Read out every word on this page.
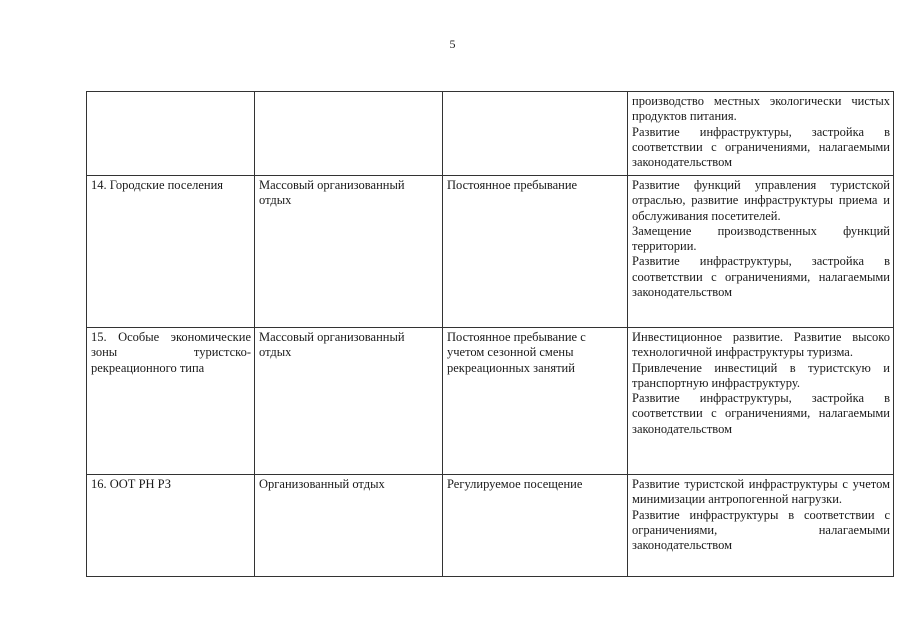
5

			производство местных экологически чистых продуктов питания.
Развитие инфраструктуры, застройка в соответствии с ограничениями, налагаемыми законодательством

14. Городские поселения	Массовый организованный отдых	Постоянное пребывание	Развитие функций управления туристской отраслью, развитие инфраструктуры приема и обслуживания посетителей.
Замещение производственных функций территории.
Развитие инфраструктуры, застройка в соответствии с ограничениями, налагаемыми законодательством

15. Особые экономические зоны туристско-рекреационного типа	Массовый организованный отдых	Постоянное пребывание с учетом сезонной смены рекреационных занятий	Инвестиционное развитие. Развитие высоко технологичной инфраструктуры туризма.
Привлечение инвестиций в туристскую и транспортную инфраструктуру.
Развитие инфраструктуры, застройка в соответствии с ограничениями, налагаемыми законодательством

16. ООТ РН РЗ	Организованный отдых	Регулируемое посещение	Развитие туристской инфраструктуры с учетом минимизации антропогенной нагрузки.
Развитие инфраструктуры в соответствии с ограничениями, налагаемыми законодательством
